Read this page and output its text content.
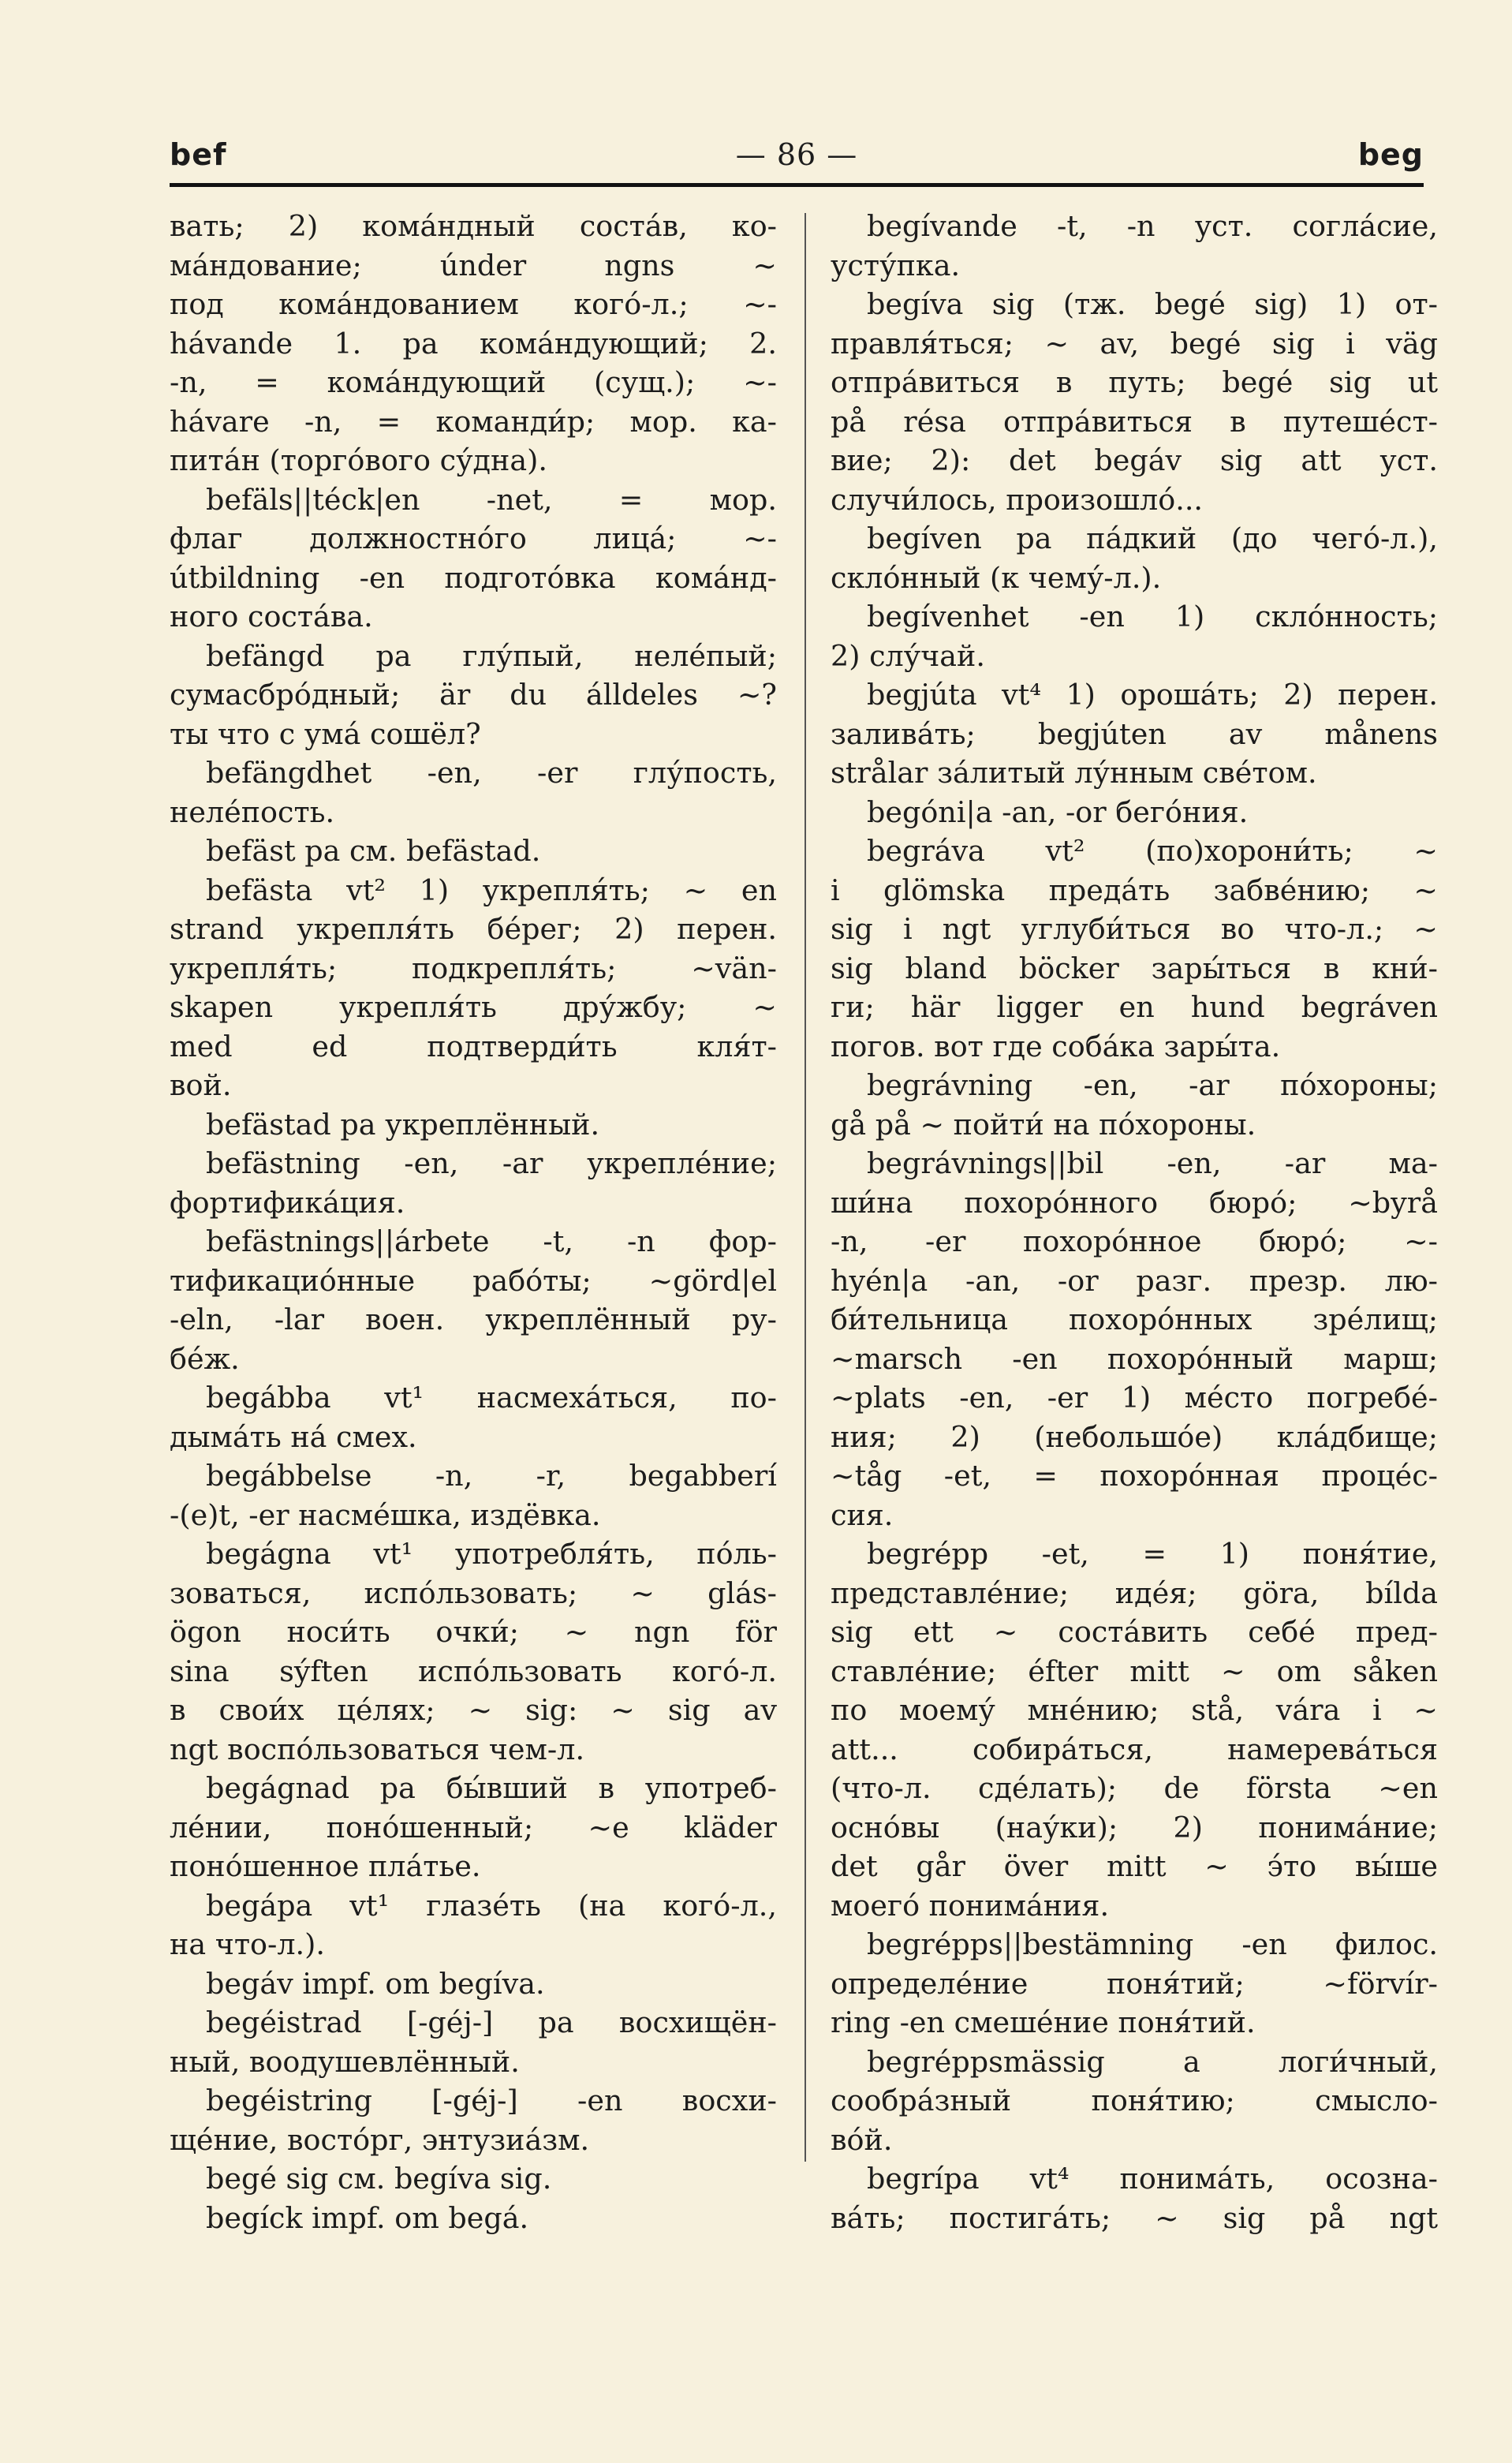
bef	— 86 —	beg
вать; 2) кома́ндный соста́в, ко-
ма́ндование; únder ngns ~
под кома́ндованием кого́-л.; ~-
hávande 1. pa кома́ндующий; 2.
-n, = кома́ндующий (сущ.); ~-
hávare -n, = команди́р; мор. ка-
пита́н (торго́вого су́дна).
befäls||téck|en -net, = мор.
флаг должностно́го лица́; ~-
útbildning -en подгото́вка кома́нд-
ного соста́ва.
befängd pa глу́пый, неле́пый;
сумасбро́дный; är du álldeles ~?
ты что с ума́ сошёл?
befängdhet -en, -er глу́пость,
неле́пость.
befäst pa см. befästad.
befästa vt² 1) укрепля́ть; ~ en
strand укрепля́ть бе́рег; 2) перен.
укрепля́ть; подкрепля́ть; ~vän-
skapen укрепля́ть дру́жбу; ~
med ed подтверди́ть кля́т-
вой.
befästad pa укреплённый.
befästning -en, -ar укрепле́ние;
фортифика́ция.
befästnings||árbete -t, -n фор-
тификацио́нные рабо́ты; ~görd|el
-eln, -lar воен. укреплённый ру-
бе́ж.
begábba vt¹ насмеха́ться, по-
дыма́ть на́ смех.
begábbelse -n, -r, begabberí
-(e)t, -er насме́шка, издёвка.
begágna vt¹ употребля́ть, по́ль-
зоваться, испо́льзовать; ~ glás-
ögon носи́ть очки́; ~ ngn för
sina sýften испо́льзовать кого́-л.
в свои́х це́лях; ~ sig: ~ sig av
ngt воспо́льзоваться чем-л.
begágnad pa бы́вший в употреб-
ле́нии, поно́шенный; ~e kläder
поно́шенное пла́тье.
begápa vt¹ глазе́ть (на кого́-л.,
на что-л.).
begáv impf. om begíva.
begéistrad [-géj-] pa восхищён-
ный, воодушевлённый.
begéistring [-géj-] -en восхи-
ще́ние, восто́рг, энтузиа́зм.
begé sig см. begíva sig.
begíck impf. om begá.
begívande -t, -n уст. согла́сие,
усту́пка.
begíva sig (тж. begé sig) 1) от-
правля́ться; ~ av, begé sig i väg
отпра́виться в путь; begé sig ut
på résa отпра́виться в путеше́ст-
вие; 2): det begáv sig att уст.
случи́лось, произошло́...
begíven pa па́дкий (до чего́-л.),
скло́нный (к чему́-л.).
begívenhet -en 1) скло́нность;
2) слу́чай.
begjúta vt⁴ 1) ороша́ть; 2) перен.
залива́ть; begjúten av månens
strålar за́литый лу́нным све́том.
begóni|a -an, -or бего́ния.
begráva vt² (по)хорони́ть; ~
i glömska преда́ть забве́нию; ~
sig i ngt углуби́ться во что-л.; ~
sig bland böcker зары́ться в кни́-
ги; här ligger en hund begráven
погов. вот где соба́ка зары́та.
begrávning -en, -ar по́хороны;
gå på ~ пойти́ на по́хороны.
begrávnings||bil -en, -ar ма-
ши́на похоро́нного бюро́; ~byrå
-n, -er похоро́нное бюро́; ~-
hyén|a -an, -or разг. презр. лю-
би́тельница похоро́нных зре́лищ;
~marsch -en похоро́нный марш;
~plats -en, -er 1) ме́сто погребе́-
ния; 2) (небольшо́е) кла́дбище;
~tåg -et, = похоро́нная проце́с-
сия.
begrépp -et, = 1) поня́тие,
представле́ние; иде́я; göra, bílda
sig ett ~ соста́вить себе́ пред-
ставле́ние; éfter mitt ~ om såken
по моему́ мне́нию; stå, vára i ~
att... собира́ться, намерева́ться
(что-л. сде́лать); de förstа ~en
осно́вы (нау́ки); 2) понима́ние;
det går över mitt ~ э́то вы́ше
моего́ понима́ния.
begrépps||bestämning -en филос.
определе́ние поня́тий; ~förvír-
ring -en смеше́ние поня́тий.
begréppsmässig a логи́чный,
сообра́зный поня́тию; смысло-
во́й.
begrípa vt⁴ понима́ть, осозна-
ва́ть; постига́ть; ~ sig på ngt
